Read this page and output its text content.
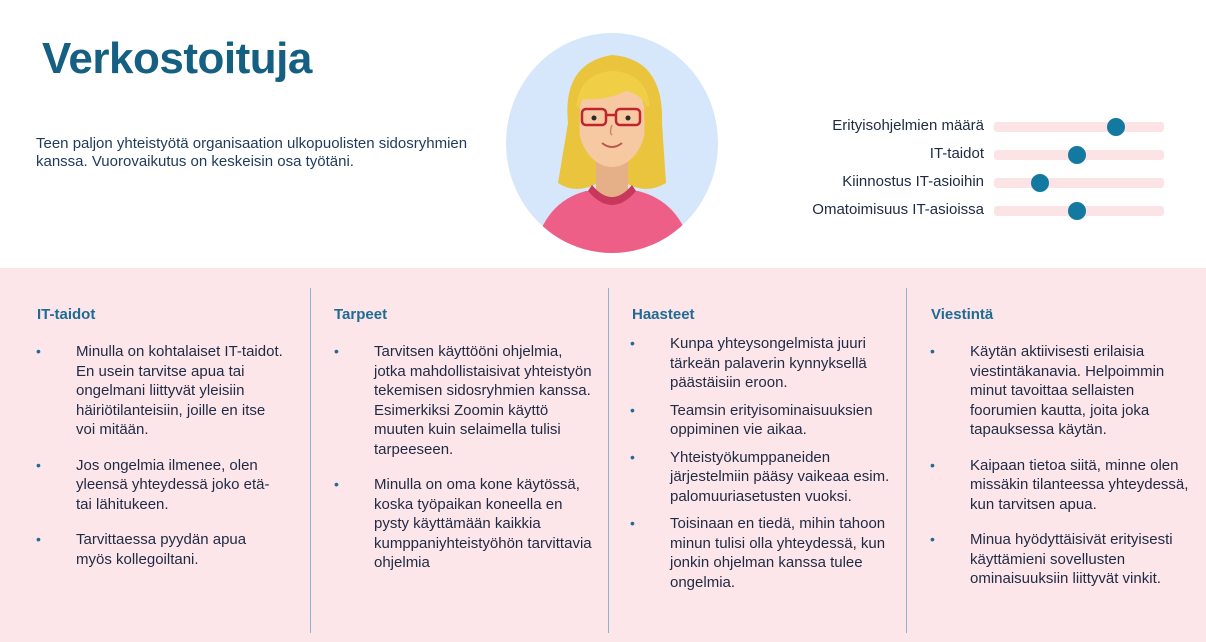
Verkostoituja

Teen paljon yhteistyötä organisaation ulkopuolisten sidosryhmien kanssa. Vuorovaikutus on keskeisin osa työtäni.

Erityisohjelmien määrä
IT-taidot
Kiinnostus IT-asioihin
Omatoimisuus IT-asioissa
IT-taidot
• Minulla on kohtalaiset IT-taidot. En usein tarvitse apua tai ongelmani liittyvät yleisiin häiriötilanteisiin, joille en itse voi mitään.
• Jos ongelmia ilmenee, olen yleensä yhteydessä joko etä- tai lähitukeen.
• Tarvittaessa pyydän apua myös kollegoiltani.
Tarpeet
• Tarvitsen käyttööni ohjelmia, jotka mahdollistaisivat yhteistyön tekemisen sidosryhmien kanssa. Esimerkiksi Zoomin käyttö muuten kuin selaimella tulisi tarpeeseen.
• Minulla on oma kone käytössä, koska työpaikan koneella en pysty käyttämään kaikkia kumppaniyhteistyöhön tarvittavia ohjelmia
Haasteet
• Kunpa yhteysongelmista juuri tärkeän palaverin kynnyksellä päästäisiin eroon.
• Teamsin erityisominaisuuksien oppiminen vie aikaa.
• Yhteistyökumppaneiden järjestelmiin pääsy vaikeaa esim. palomuuriasetusten vuoksi.
• Toisinaan en tiedä, mihin tahoon minun tulisi olla yhteydessä, kun jonkin ohjelman kanssa tulee ongelmia.
Viestintä
• Käytän aktiivisesti erilaisia viestintäkanavia. Helpoimmin minut tavoittaa sellaisten foorumien kautta, joita joka tapauksessa käytän.
• Kaipaan tietoa siitä, minne olen missäkin tilanteessa yhteydessä, kun tarvitsen apua.
• Minua hyödyttäisivät erityisesti käyttämieni sovellusten ominaisuuksiin liittyvät vinkit.
